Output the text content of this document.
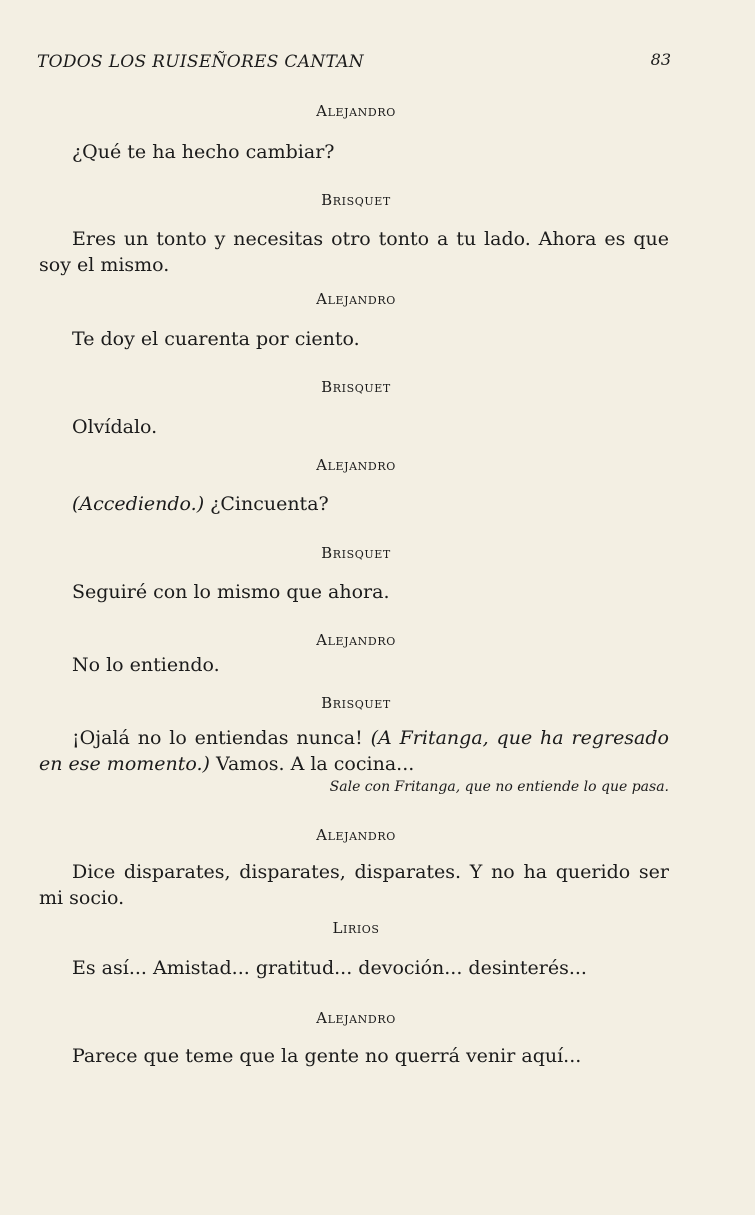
TODOS LOS RUISEÑORES CANTAN	83
Alejandro
¿Qué te ha hecho cambiar?
Brisquet
Eres un tonto y necesitas otro tonto a tu lado. Ahora es que soy el mismo.
Alejandro
Te doy el cuarenta por ciento.
Brisquet
Olvídalo.
Alejandro
(Accediendo.) ¿Cincuenta?
Brisquet
Seguiré con lo mismo que ahora.
Alejandro
No lo entiendo.
Brisquet
¡Ojalá no lo entiendas nunca! (A Fritanga, que ha regresado en ese momento.) Vamos. A la cocina...
Sale con Fritanga, que no entiende lo que pasa.
Alejandro
Dice disparates, disparates, disparates. Y no ha querido ser mi socio.
Lirios
Es así... Amistad... gratitud... devoción... desinterés...
Alejandro
Parece que teme que la gente no querrá venir aquí...
